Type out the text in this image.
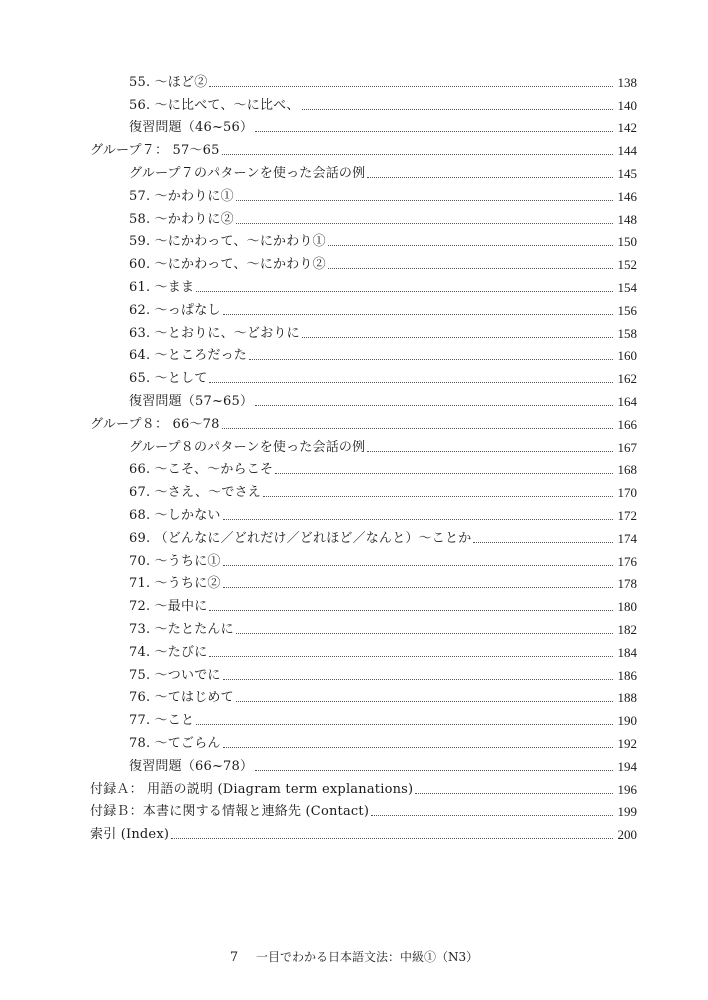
55. ～ほど②	138
56. ～に比べて、～に比べ、	140
復習問題（46~56）	142
グループ７： 57～65	144
グループ７のパターンを使った会話の例	145
57. ～かわりに①	146
58. ～かわりに②	148
59. ～にかわって、～にかわり①	150
60. ～にかわって、～にかわり②	152
61. ～まま	154
62. ～っぱなし	156
63. ～とおりに、～どおりに	158
64. ～ところだった	160
65. ～として	162
復習問題（57~65）	164
グループ８： 66～78	166
グループ８のパターンを使った会話の例	167
66. ～こそ、～からこそ	168
67. ～さえ、～でさえ	170
68. ～しかない	172
69. （どんなに／どれだけ／どれほど／なんと）～ことか	174
70. ～うちに①	176
71. ～うちに②	178
72. ～最中に	180
73. ～たとたんに	182
74. ～たびに	184
75. ～ついでに	186
76. ～てはじめて	188
77. ～こと	190
78. ～てごらん	192
復習問題（66~78）	194
付録Ａ： 用語の説明 (Diagram term explanations)	196
付録Ｂ：本書に関する情報と連絡先 (Contact)	199
索引 (Index)	200
7 一目でわかる日本語文法：中級①（N3）
